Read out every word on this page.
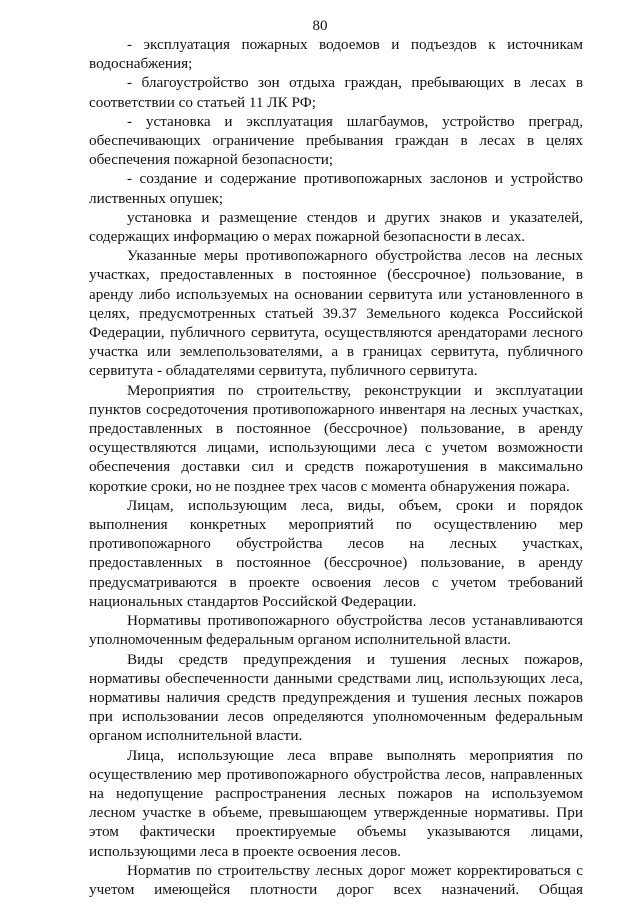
80

- эксплуатация пожарных водоемов и подъездов к источникам водоснабжения;

- благоустройство зон отдыха граждан, пребывающих в лесах в соответствии со статьей 11 ЛК РФ;

- установка и эксплуатация шлагбаумов, устройство преград, обеспечивающих ограничение пребывания граждан в лесах в целях обеспечения пожарной безопасности;

- создание и содержание противопожарных заслонов и устройство лиственных опушек;

установка и размещение стендов и других знаков и указателей, содержащих информацию о мерах пожарной безопасности в лесах.

Указанные меры противопожарного обустройства лесов на лесных участках, предоставленных в постоянное (бессрочное) пользование, в аренду либо используемых на основании сервитута или установленного в целях, предусмотренных статьей 39.37 Земельного кодекса Российской Федерации, публичного сервитута, осуществляются арендаторами лесного участка или землепользователями, а в границах сервитута, публичного сервитута - обладателями сервитута, публичного сервитута.

Мероприятия по строительству, реконструкции и эксплуатации пунктов сосредоточения противопожарного инвентаря на лесных участках, предоставленных в постоянное (бессрочное) пользование, в аренду осуществляются лицами, использующими леса с учетом возможности обеспечения доставки сил и средств пожаротушения в максимально короткие сроки, но не позднее трех часов с момента обнаружения пожара.

Лицам, использующим леса, виды, объем, сроки и порядок выполнения конкретных мероприятий по осуществлению мер противопожарного обустройства лесов на лесных участках, предоставленных в постоянное (бессрочное) пользование, в аренду предусматриваются в проекте освоения лесов с учетом требований национальных стандартов Российской Федерации.

Нормативы противопожарного обустройства лесов устанавливаются уполномоченным федеральным органом исполнительной власти.

Виды средств предупреждения и тушения лесных пожаров, нормативы обеспеченности данными средствами лиц, использующих леса, нормативы наличия средств предупреждения и тушения лесных пожаров при использовании лесов определяются уполномоченным федеральным органом исполнительной власти.

Лица, использующие леса вправе выполнять мероприятия по осуществлению мер противопожарного обустройства лесов, направленных на недопущение распространения лесных пожаров на используемом лесном участке в объеме, превышающем утвержденные нормативы. При этом фактически проектируемые объемы указываются лицами, использующими леса в проекте освоения лесов.

Норматив по строительству лесных дорог может корректироваться с учетом имеющейся плотности дорог всех назначений. Общая
